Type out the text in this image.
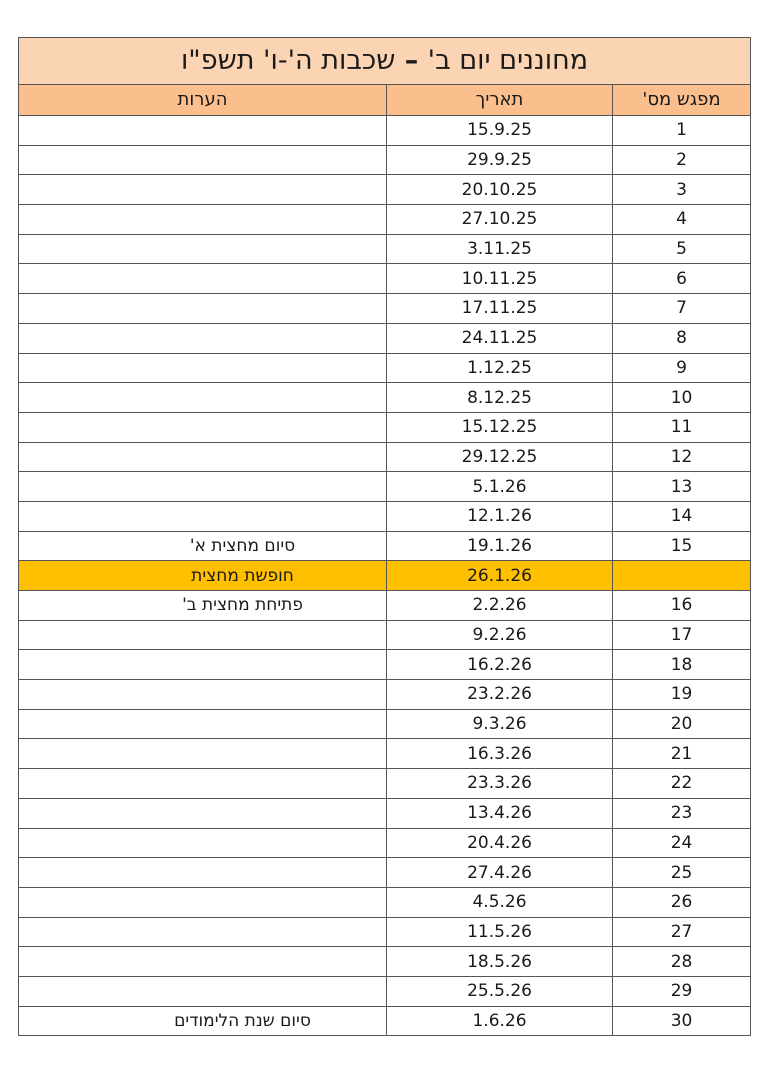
מחוננים יום ב' – שכבות ה'-ו' תשפ"ו		
מפגש מס'	תאריך	הערות
1	15.9.25	
2	29.9.25	
3	20.10.25	
4	27.10.25	
5	3.11.25	
6	10.11.25	
7	17.11.25	
8	24.11.25	
9	1.12.25	
10	8.12.25	
11	15.12.25	
12	29.12.25	
13	5.1.26	
14	12.1.26	
15	19.1.26	סיום מחצית א'
	26.1.26	חופשת מחצית
16	2.2.26	פתיחת מחצית ב'
17	9.2.26	
18	16.2.26	
19	23.2.26	
20	9.3.26	
21	16.3.26	
22	23.3.26	
23	13.4.26	
24	20.4.26	
25	27.4.26	
26	4.5.26	
27	11.5.26	
28	18.5.26	
29	25.5.26	
30	1.6.26	סיום שנת הלימודים
